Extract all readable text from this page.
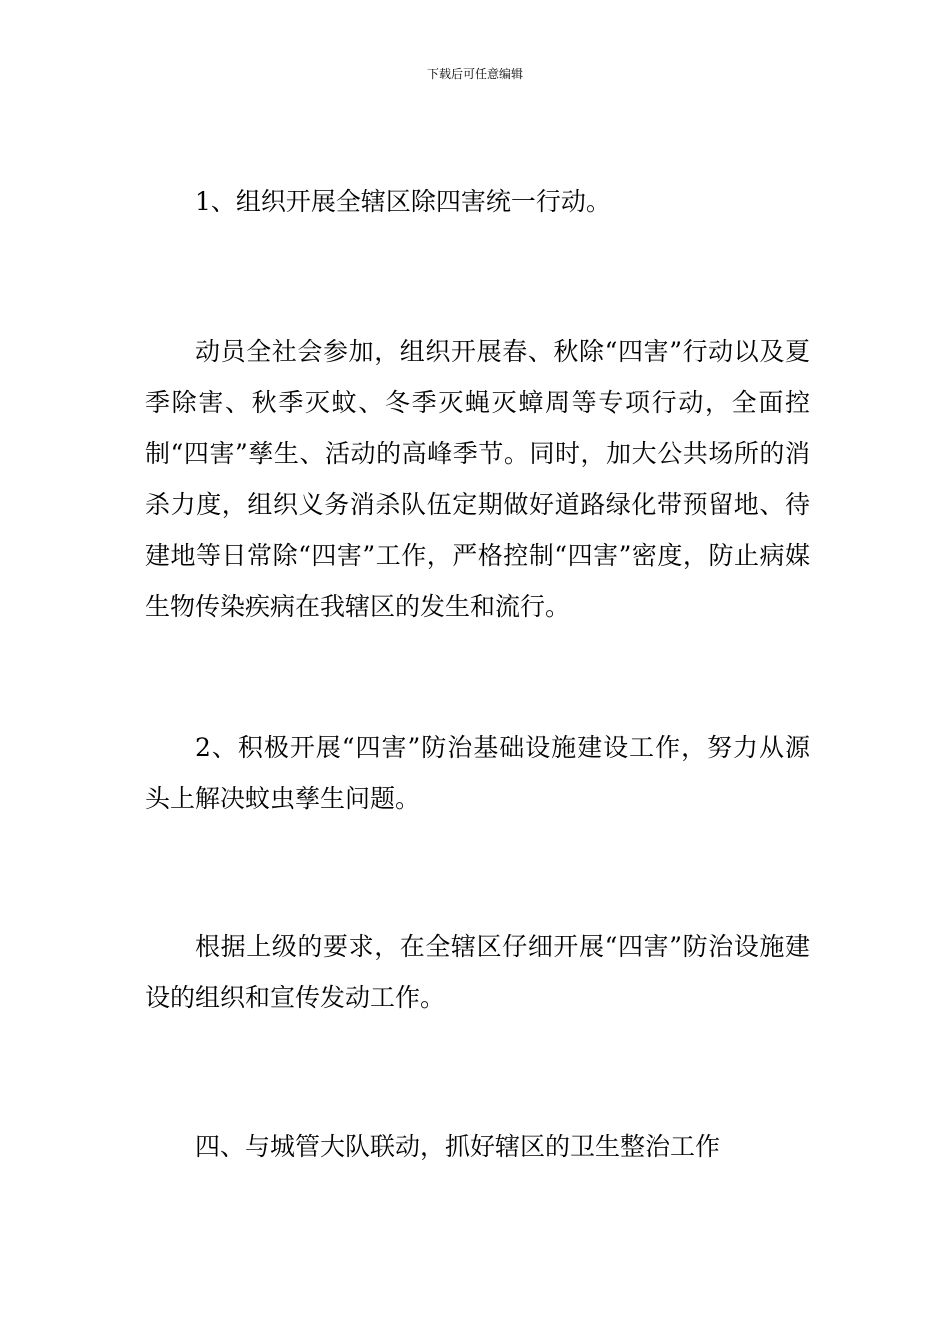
下载后可任意编辑

1、组织开展全辖区除四害统一行动。

动员全社会参加，组织开展春、秋除“四害”行动以及夏季除害、秋季灭蚊、冬季灭蝇灭蟑周等专项行动，全面控制“四害”孳生、活动的高峰季节。同时，加大公共场所的消杀力度，组织义务消杀队伍定期做好道路绿化带预留地、待建地等日常除“四害”工作，严格控制“四害”密度，防止病媒生物传染疾病在我辖区的发生和流行。

2、积极开展“四害”防治基础设施建设工作，努力从源头上解决蚊虫孳生问题。

根据上级的要求，在全辖区仔细开展“四害”防治设施建设的组织和宣传发动工作。

四、与城管大队联动，抓好辖区的卫生整治工作
